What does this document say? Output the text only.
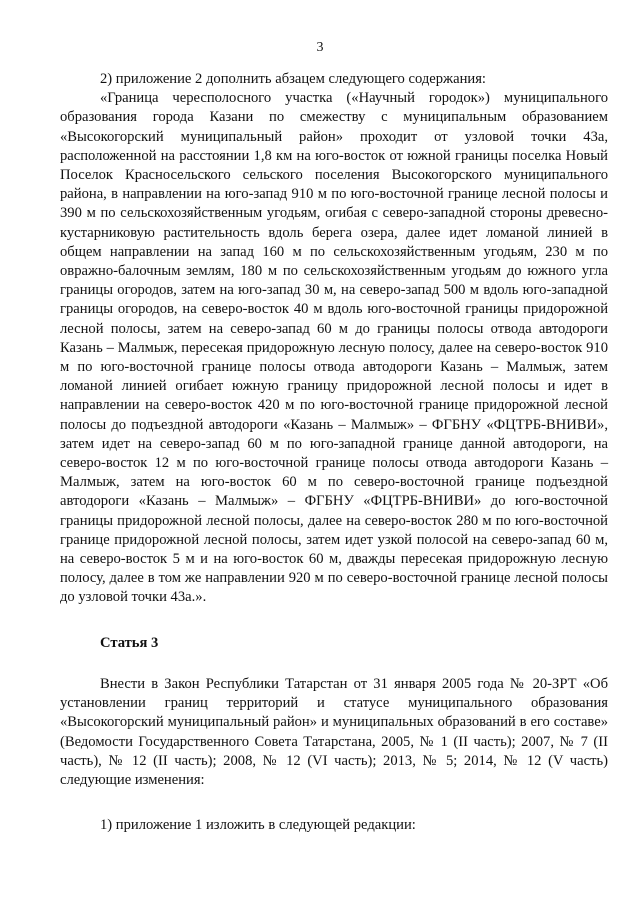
3

2) приложение 2 дополнить абзацем следующего содержания:

«Граница чересполосного участка («Научный городок») муниципального образования города Казани по смежеству с муниципальным образованием «Высокогорский муниципальный район» проходит от узловой точки 43а, расположенной на расстоянии 1,8 км на юго-восток от южной границы поселка Новый Поселок Красносельского сельского поселения Высокогорского муниципального района, в направлении на юго-запад 910 м по юго-восточной границе лесной полосы и 390 м по сельскохозяйственным угодьям, огибая с северо-западной стороны древесно-кустарниковую растительность вдоль берега озера, далее идет ломаной линией в общем направлении на запад 160 м по сельскохозяйственным угодьям, 230 м по овражно-балочным землям, 180 м по сельскохозяйственным угодьям до южного угла границы огородов, затем на юго-запад 30 м, на северо-запад 500 м вдоль юго-западной границы огородов, на северо-восток 40 м вдоль юго-восточной границы придорожной лесной полосы, затем на северо-запад 60 м до границы полосы отвода автодороги Казань – Малмыж, пересекая придорожную лесную полосу, далее на северо-восток 910 м по юго-восточной границе полосы отвода автодороги Казань – Малмыж, затем ломаной линией огибает южную границу придорожной лесной полосы и идет в направлении на северо-восток 420 м по юго-восточной границе придорожной лесной полосы до подъездной автодороги «Казань – Малмыж» – ФГБНУ «ФЦТРБ-ВНИВИ», затем идет на северо-запад 60 м по юго-западной границе данной автодороги, на северо-восток 12 м по юго-восточной границе полосы отвода автодороги Казань – Малмыж, затем на юго-восток 60 м по северо-восточной границе подъездной автодороги «Казань – Малмыж» – ФГБНУ «ФЦТРБ-ВНИВИ» до юго-восточной границы придорожной лесной полосы, далее на северо-восток 280 м по юго-восточной границе придорожной лесной полосы, затем идет узкой полосой на северо-запад 60 м, на северо-восток 5 м и на юго-восток 60 м, дважды пересекая придорожную лесную полосу, далее в том же направлении 920 м по северо-восточной границе лесной полосы до узловой точки 43а.».

Статья 3

Внести в Закон Республики Татарстан от 31 января 2005 года № 20-ЗРТ «Об установлении границ территорий и статусе муниципального образования «Высокогорский муниципальный район» и муниципальных образований в его составе» (Ведомости Государственного Совета Татарстана, 2005, № 1 (II часть); 2007, № 7 (II часть), № 12 (II часть); 2008, № 12 (VI часть); 2013, № 5; 2014, № 12 (V часть) следующие изменения:

1) приложение 1 изложить в следующей редакции:
